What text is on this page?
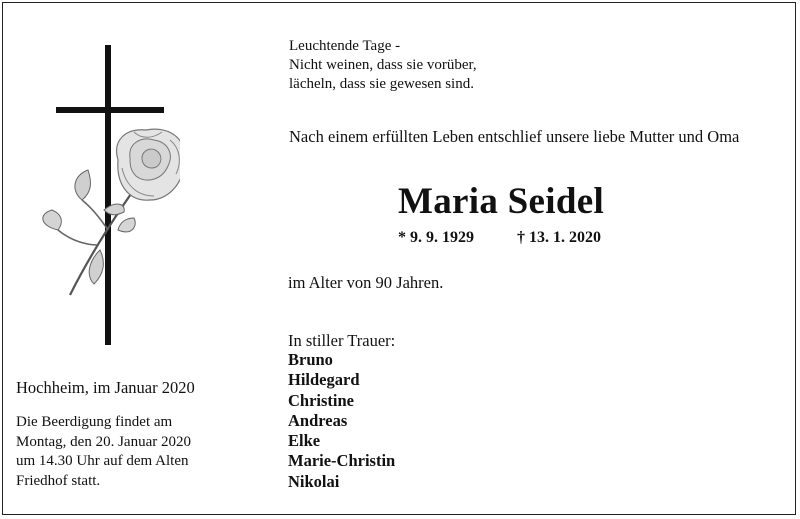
Leuchtende Tage -
Nicht weinen, dass sie vorüber,
lächeln, dass sie gewesen sind.
Nach einem erfüllten Leben entschlief unsere liebe Mutter und Oma
Maria Seidel
* 9. 9. 1929	† 13. 1. 2020
im Alter von 90 Jahren.
In stiller Trauer:
Bruno
Hildegard
Christine
Andreas
Elke
Marie-Christin
Nikolai
Hochheim, im Januar 2020
Die Beerdigung findet am
Montag, den 20. Januar 2020
um 14.30 Uhr auf dem Alten
Friedhof statt.
